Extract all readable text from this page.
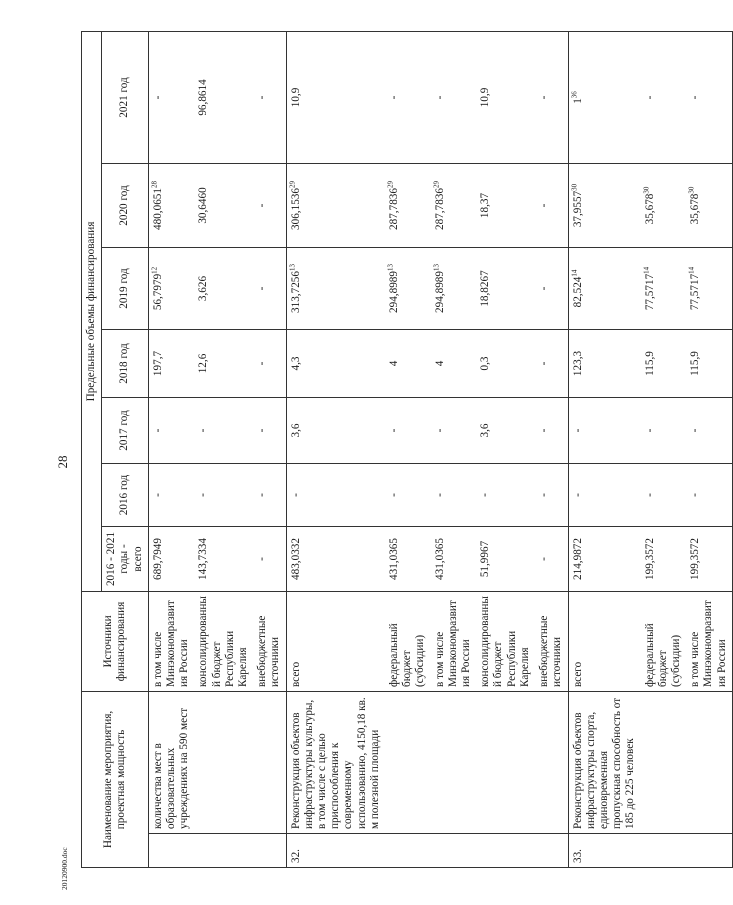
28
20120900.doc
Наименование мероприятия, проектная мощность		Источники финансирования	Предельные объемы финансирования						
			2016 - 2021 годы - всего	2016 год	2017 год	2018 год	2019 год	2020 год	2021 год
	количества мест в образовательных учреждениях на 590 мест	в том числе Минэкономразвития России	689,7949	-	-	197,7	56,7979$^{12}$	480,0651$^{28}$	-
		консолидированный бюджет Республики Карелия	143,7334	-	-	12,6	3,626	30,6460	96,8614
		внебюджетные источники	-	-	-	-	-	-	-
32.	Реконструкция объектов инфраструктуры культуры, в том числе с целью приспособления к современному использованию, 4150,18 кв. м полезной площади	всего	483,0332	-	3,6	4,3	313,7256$^{13}$	306,1536$^{29}$	10,9
		федеральный бюджет (субсидии)	431,0365	-	-	4	294,8989$^{13}$	287,7836$^{29}$	-
		в том числе Минэкономразвития России	431,0365	-	-	4	294,8989$^{13}$	287,7836$^{29}$	-
		консолидированный бюджет Республики Карелия	51,9967	-	3,6	0,3	18,8267	18,37	10,9
		внебюджетные источники	-	-	-	-	-	-	-
33.	Реконструкция объектов инфраструктуры спорта, единовременная пропускная способность от 185 до 225 человек	всего	214,9872	-	-	123,3	82,524$^{14}$	37,9557$^{30}$	$1^{36}$
		федеральный бюджет (субсидии)	199,3572	-	-	115,9	77,5717$^{14}$	35,678$^{30}$	-
		в том числе Минэкономразвития России	199,3572	-	-	115,9	77,5717$^{14}$	35,678$^{30}$	-
